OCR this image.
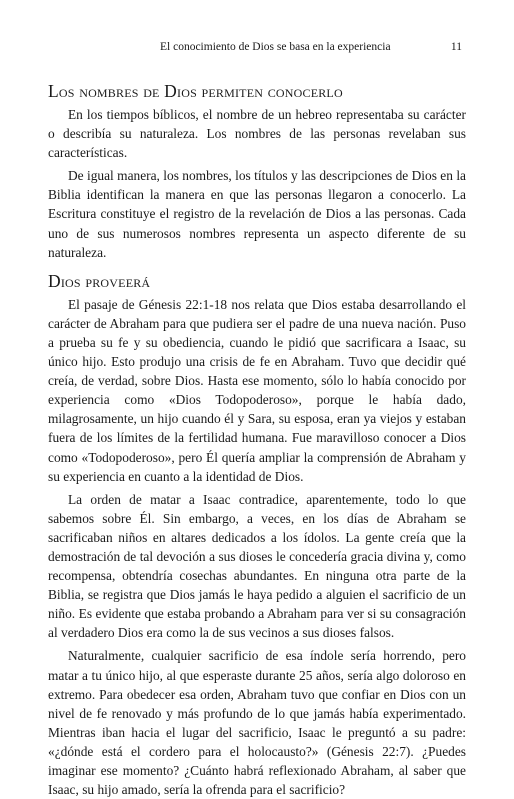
El conocimiento de Dios se basa en la experiencia	11
Los nombres de Dios permiten conocerlo

En los tiempos bíblicos, el nombre de un hebreo representaba su carácter o describía su naturaleza. Los nombres de las personas revelaban sus características.

De igual manera, los nombres, los títulos y las descripciones de Dios en la Biblia identifican la manera en que las personas llegaron a conocerlo. La Escritura constituye el registro de la revelación de Dios a las personas. Cada uno de sus numerosos nombres representa un aspecto diferente de su naturaleza.

Dios proveerá

El pasaje de Génesis 22:1-18 nos relata que Dios estaba desarrollando el carácter de Abraham para que pudiera ser el padre de una nueva nación. Puso a prueba su fe y su obediencia, cuando le pidió que sacrificara a Isaac, su único hijo. Esto produjo una crisis de fe en Abraham. Tuvo que decidir qué creía, de verdad, sobre Dios. Hasta ese momento, sólo lo había conocido por experiencia como «Dios Todopoderoso», porque le había dado, milagrosamente, un hijo cuando él y Sara, su esposa, eran ya viejos y estaban fuera de los límites de la fertilidad humana. Fue maravilloso conocer a Dios como «Todopoderoso», pero Él quería ampliar la comprensión de Abraham y su experiencia en cuanto a la identidad de Dios.

La orden de matar a Isaac contradice, aparentemente, todo lo que sabemos sobre Él. Sin embargo, a veces, en los días de Abraham se sacrificaban niños en altares dedicados a los ídolos. La gente creía que la demostración de tal devoción a sus dioses le concedería gracia divina y, como recompensa, obtendría cosechas abundantes. En ninguna otra parte de la Biblia, se registra que Dios jamás le haya pedido a alguien el sacrificio de un niño. Es evidente que estaba probando a Abraham para ver si su consagración al verdadero Dios era como la de sus vecinos a sus dioses falsos.

Naturalmente, cualquier sacrificio de esa índole sería horrendo, pero matar a tu único hijo, al que esperaste durante 25 años, sería algo doloroso en extremo. Para obedecer esa orden, Abraham tuvo que confiar en Dios con un nivel de fe renovado y más profundo de lo que jamás había experimentado. Mientras iban hacia el lugar del sacrificio, Isaac le preguntó a su padre: «¿dónde está el cordero para el holocausto?» (Génesis 22:7). ¿Puedes imaginar ese momento? ¿Cuánto habrá reflexionado Abraham, al saber que Isaac, su hijo amado, sería la ofrenda para el sacrificio?
